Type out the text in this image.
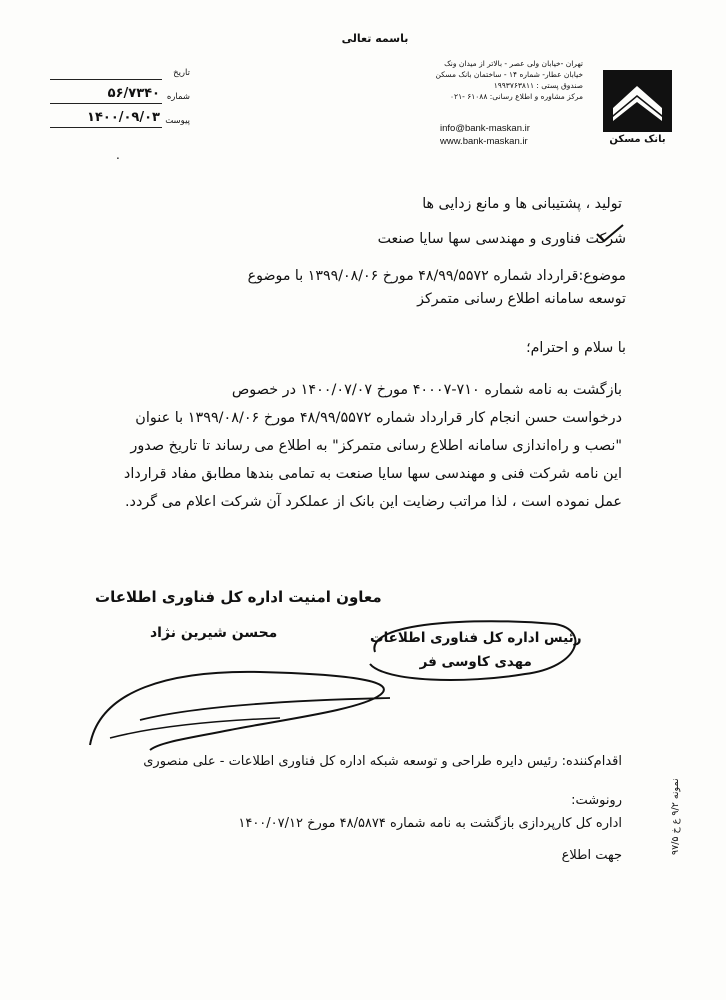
باسمه تعالی
بانک مسکن
تهران -خیابان ولی عصر - بالاتر از میدان ونک
خیابان عطار- شماره ۱۴ - ساختمان بانک مسکن
صندوق پستی : ۱۹۹۳۷۶۳۸۱۱
مرکز مشاوره و اطلاع رسانی: ۶۱۰۸۸ -۰۲۱
info@bank-maskan.ir
www.bank-maskan.ir
تاریخ
شماره
۵۶/۷۳۴۰
پیوست
۱۴۰۰/۰۹/۰۳
.
تولید ، پشتیبانی ها و مانع زدایی ها
شرکت فناوری و مهندسی سها سایا صنعت
موضوع:قرارداد شماره ۴۸/۹۹/۵۵۷۲ مورخ ۱۳۹۹/۰۸/۰۶ با موضوع
توسعه سامانه اطلاع رسانی متمرکز
با سلام و احترام؛
بازگشت به نامه شماره ۷۱۰-۴۰۰۰۷ مورخ ۱۴۰۰/۰۷/۰۷ در خصوص
درخواست حسن انجام کار قرارداد شماره ۴۸/۹۹/۵۵۷۲ مورخ ۱۳۹۹/۰۸/۰۶ با عنوان
"نصب و راه‌اندازی سامانه اطلاع رسانی متمرکز" به اطلاع می رساند تا تاریخ صدور
این نامه شرکت فنی و مهندسی سها سایا صنعت به تمامی بندها مطابق مفاد قرارداد
عمل نموده است ، لذا مراتب رضایت این بانک از عملکرد آن شرکت اعلام می گردد.
معاون امنیت اداره کل فناوری اطلاعات
محسن شیرین نژاد	رئیس اداره کل فناوری اطلاعات
مهدی کاوسی فر
اقدام‌کننده: رئیس دایره طراحی و توسعه شبکه اداره کل فناوری اطلاعات - علی منصوری
رونوشت:
اداره کل کارپردازی بازگشت به نامه شماره ۴۸/۵۸۷۴ مورخ ۱۴۰۰/۰۷/۱۲
جهت اطلاع
نمونه ۹/۲ ع خ ۹۷/۵
